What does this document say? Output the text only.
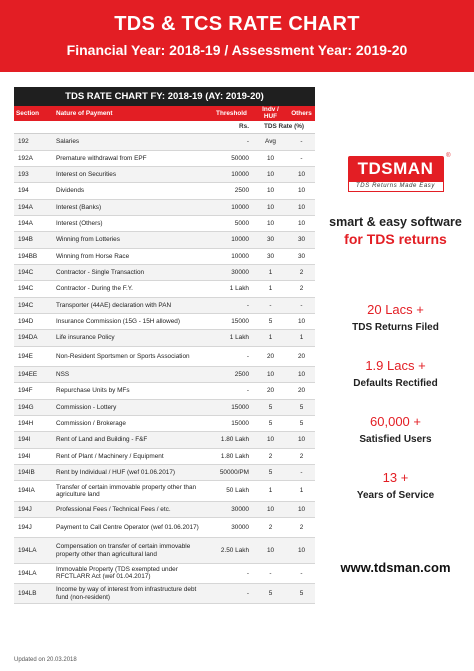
TDS & TCS RATE CHART
Financial Year: 2018-19 / Assessment Year: 2019-20
TDS RATE CHART FY: 2018-19 (AY: 2019-20)
Section	Nature of Payment	Threshold	Indv / HUF	Others
		Rs.	TDS Rate (%)	
192	Salaries	-	Avg	-
192A	Premature withdrawal from EPF	50000	10	-
193	Interest on Securities	10000	10	10
194	Dividends	2500	10	10
194A	Interest (Banks)	10000	10	10
194A	Interest (Others)	5000	10	10
194B	Winning from Lotteries	10000	30	30
194BB	Winning from Horse Race	10000	30	30
194C	Contractor - Single Transaction	30000	1	2
194C	Contractor - During the F.Y.	1 Lakh	1	2
194C	Transporter (44AE) declaration with PAN	-	-	-
194D	Insurance Commission (15G - 15H allowed)	15000	5	10
194DA	Life insurance Policy	1 Lakh	1	1
194E	Non-Resident Sportsmen or Sports Association	-	20	20
194EE	NSS	2500	10	10
194F	Repurchase Units by MFs	-	20	20
194G	Commission - Lottery	15000	5	5
194H	Commission / Brokerage	15000	5	5
194I	Rent of Land and Building - F&F	1.80 Lakh	10	10
194I	Rent of Plant / Machinery / Equipment	1.80 Lakh	2	2
194IB	Rent by Individual / HUF (wef 01.06.2017)	50000/PM	5	-
194IA	Transfer of certain immovable property other than agriculture land	50 Lakh	1	1
194J	Professional Fees / Technical Fees / etc.	30000	10	10
194J	Payment to Call Centre Operator (wef 01.06.2017)	30000	2	2
194LA	Compensation on transfer of certain immovable property other than agricultural land	2.50 Lakh	10	10
194LA	Immovable Property (TDS exempted under RFCTLARR Act (wef 01.04.2017)	-	-	-
194LB	Income by way of interest from infrastructure debt fund (non-resident)	-	5	5
Updated on 20.03.2018
TDSMAN
TDS Returns Made Easy
®
smart & easy software
for TDS returns
20 Lacs +
TDS Returns Filed
1.9 Lacs +
Defaults Rectified
60,000 +
Satisfied Users
13 +
Years of Service
www.tdsman.com
